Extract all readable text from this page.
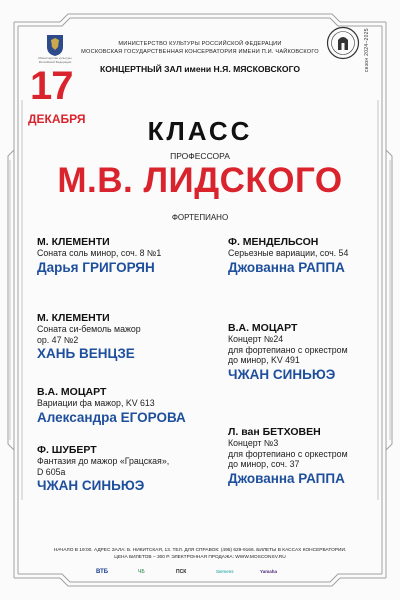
Министерство культуры Российской Федерации	сезон 2024–2025
МИНИСТЕРСТВО КУЛЬТУРЫ РОССИЙСКОЙ ФЕДЕРАЦИИ
МОСКОВСКАЯ ГОСУДАРСТВЕННАЯ КОНСЕРВАТОРИЯ ИМЕНИ П.И. ЧАЙКОВСКОГО
КОНЦЕРТНЫЙ ЗАЛ имени Н.Я. МЯСКОВСКОГО
17
ДЕКАБРЯ	КЛАСС
ПРОФЕССОРА
М.В. ЛИДСКОГО
ФОРТЕПИАНО
М. КЛЕМЕНТИ
Соната соль минор, соч. 8 №1
Дарья ГРИГОРЯН
М. КЛЕМЕНТИ
Соната си-бемоль мажор
ор. 47 №2
ХАНЬ ВЕНЦЗЕ
В.А. МОЦАРТ
Вариации фа мажор, KV 613
Александра ЕГОРОВА
Ф. ШУБЕРТ
Фантазия до мажор «Грацская»,
D 605а
ЧЖАН СИНЬЮЭ
Ф. МЕНДЕЛЬСОН
Серьезные вариации, соч. 54
Джованна РАППА
В.А. МОЦАРТ
Концерт №24
для фортепиано с оркестром
до минор, KV 491
ЧЖАН СИНЬЮЭ
Л. ван БЕТХОВЕН
Концерт №3
для фортепиано с оркестром
до минор, соч. 37
Джованна РАППА
НАЧАЛО В 19:00. АДРЕС ЗАЛА: Б. НИКИТСКАЯ, 13. ТЕЛ. ДЛЯ СПРАВОК: (495) 629-9166. БИЛЕТЫ В КАССАХ КОНСЕРВАТОРИИ.
ЦЕНА БИЛЕТОВ – 300 Р. ЭЛЕКТРОННАЯ ПРОДАЖА: WWW.MOSCONSV.RU
ВТБ	ЧБ	ПСК	Siemens	Yamaha
